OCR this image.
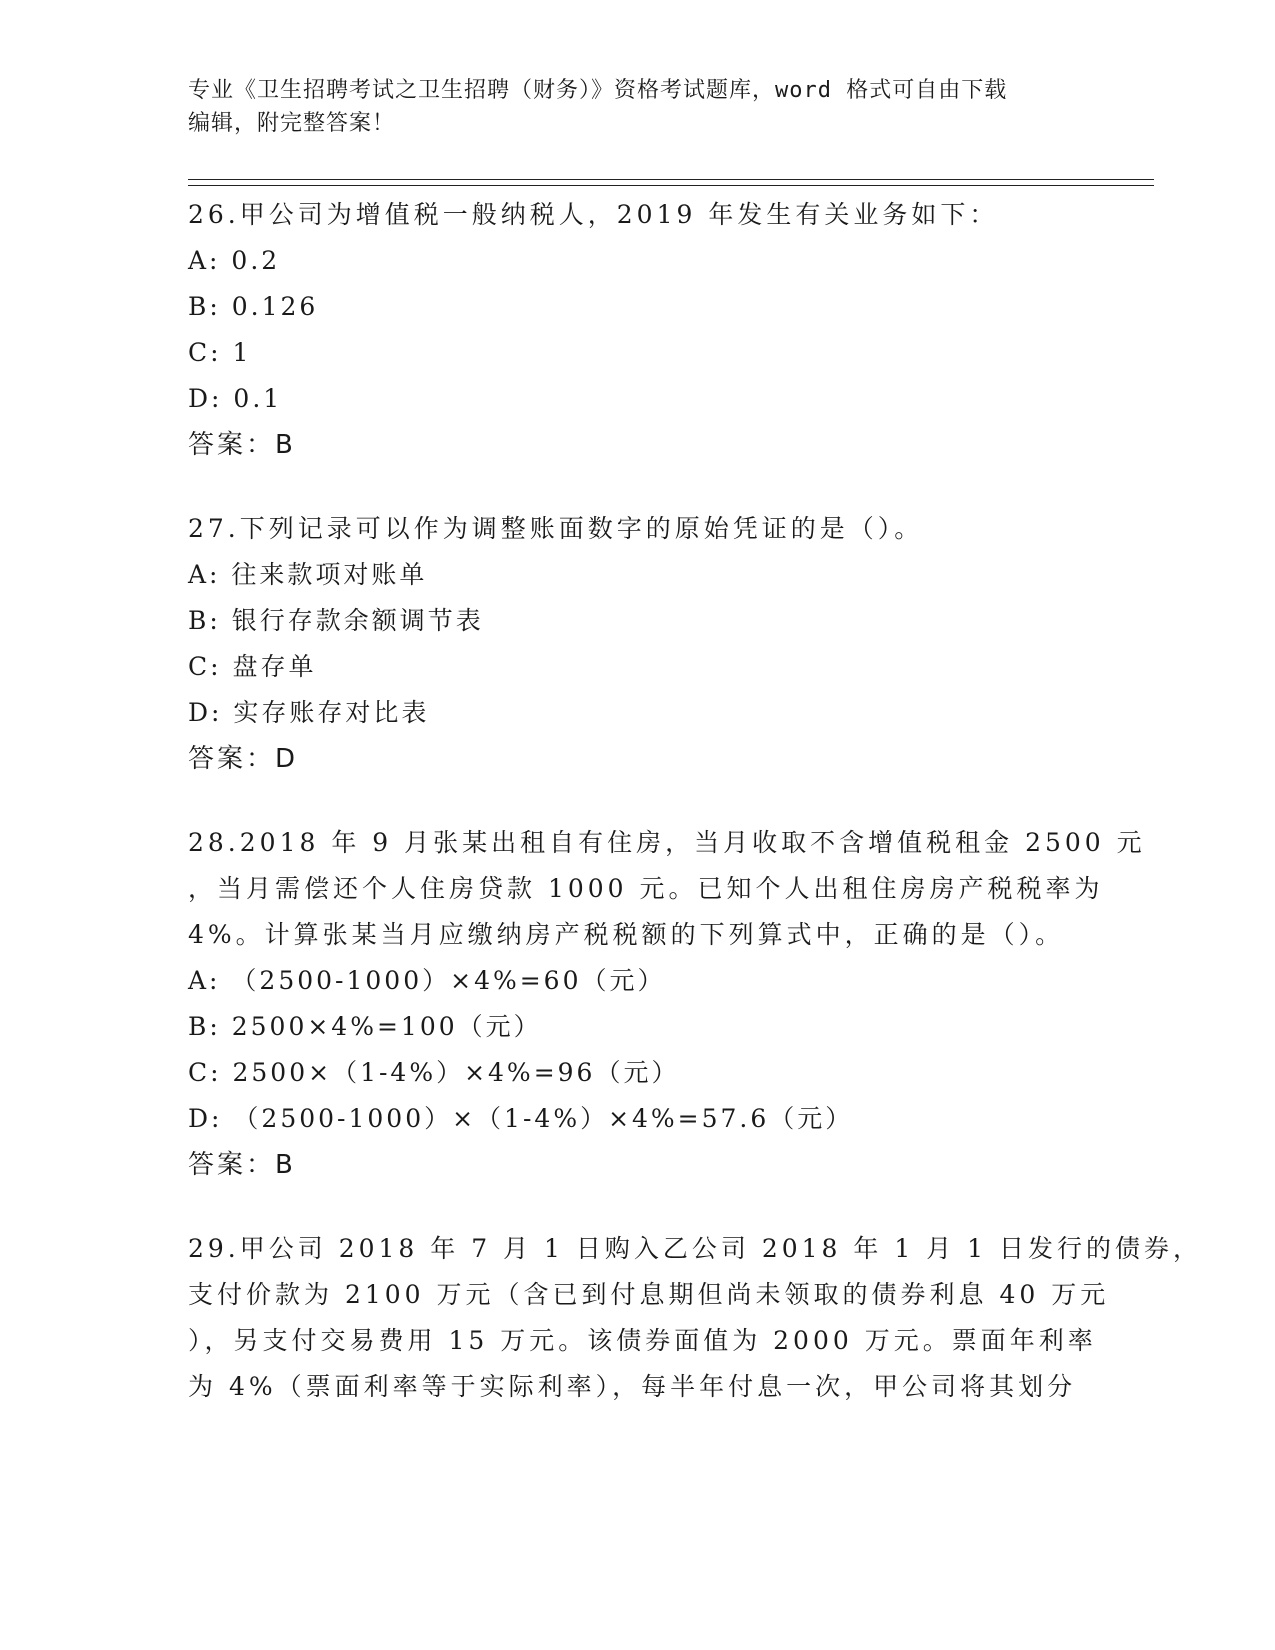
专业《卫生招聘考试之卫生招聘（财务）》资格考试题库，word 格式可自由下载
编辑，附完整答案！
26.甲公司为增值税一般纳税人，2019 年发生有关业务如下：
A: 0.2
B: 0.126
C: 1
D: 0.1
答案：B
27.下列记录可以作为调整账面数字的原始凭证的是（）。
A: 往来款项对账单
B: 银行存款余额调节表
C: 盘存单
D: 实存账存对比表
答案：D
28.2018 年 9 月张某出租自有住房，当月收取不含增值税租金 2500 元
，当月需偿还个人住房贷款 1000 元。已知个人出租住房房产税税率为
4%。计算张某当月应缴纳房产税税额的下列算式中，正确的是（）。
A: （2500-1000）×4%=60（元）
B: 2500×4%=100（元）
C: 2500×（1-4%）×4%=96（元）
D: （2500-1000）×（1-4%）×4%=57.6（元）
答案：B
29.甲公司 2018 年 7 月 1 日购入乙公司 2018 年 1 月 1 日发行的债券，
支付价款为 2100 万元（含已到付息期但尚未领取的债券利息 40 万元
），另支付交易费用 15 万元。该债券面值为 2000 万元。票面年利率
为 4%（票面利率等于实际利率），每半年付息一次，甲公司将其划分
